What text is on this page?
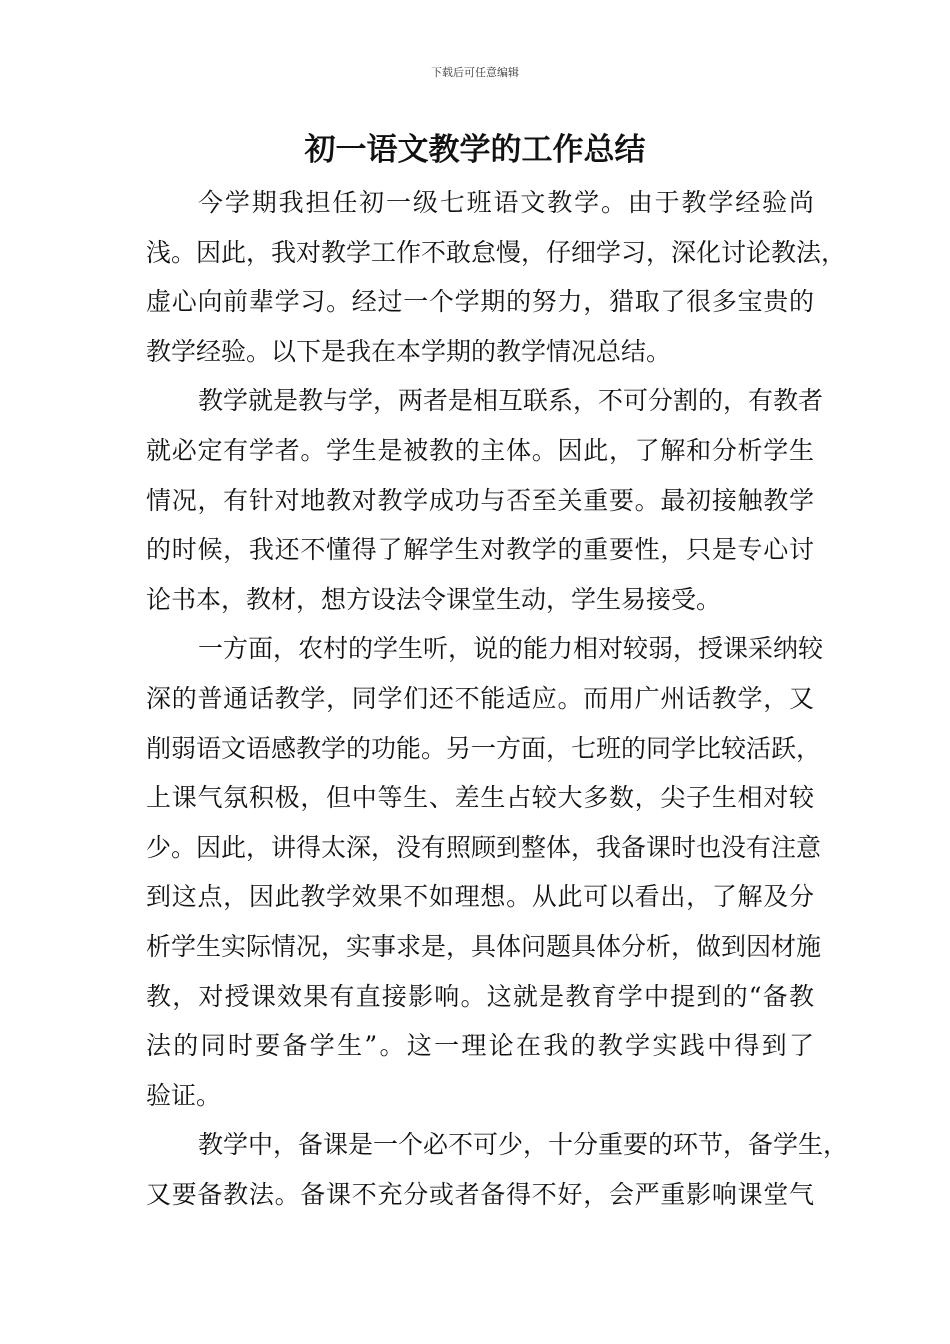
下载后可任意编辑
初一语文教学的工作总结

今学期我担任初一级七班语文教学。由于教学经验尚
浅。因此，我对教学工作不敢怠慢，仔细学习，深化讨论教法，
虚心向前辈学习。经过一个学期的努力，猎取了很多宝贵的
教学经验。以下是我在本学期的教学情况总结。

教学就是教与学，两者是相互联系，不可分割的，有教者
就必定有学者。学生是被教的主体。因此，了解和分析学生
情况，有针对地教对教学成功与否至关重要。最初接触教学
的时候，我还不懂得了解学生对教学的重要性，只是专心讨
论书本，教材，想方设法令课堂生动，学生易接受。

一方面，农村的学生听，说的能力相对较弱，授课采纳较
深的普通话教学，同学们还不能适应。而用广州话教学，又
削弱语文语感教学的功能。另一方面，七班的同学比较活跃，
上课气氛积极，但中等生、差生占较大多数，尖子生相对较
少。因此，讲得太深，没有照顾到整体，我备课时也没有注意
到这点，因此教学效果不如理想。从此可以看出，了解及分
析学生实际情况，实事求是，具体问题具体分析，做到因材施
教，对授课效果有直接影响。这就是教育学中提到的“备教
法的同时要备学生”。这一理论在我的教学实践中得到了
验证。

教学中，备课是一个必不可少，十分重要的环节，备学生，
又要备教法。备课不充分或者备得不好，会严重影响课堂气
